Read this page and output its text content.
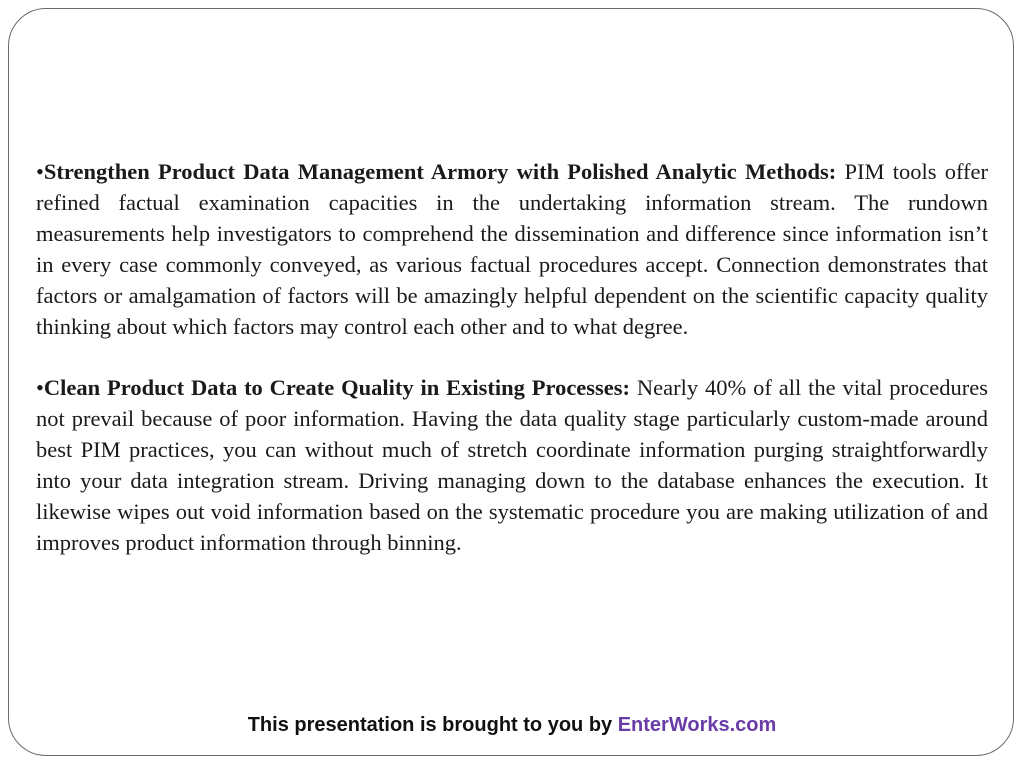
•Strengthen Product Data Management Armory with Polished Analytic Methods: PIM tools offer refined factual examination capacities in the undertaking information stream. The rundown measurements help investigators to comprehend the dissemination and difference since information isn’t in every case commonly conveyed, as various factual procedures accept. Connection demonstrates that factors or amalgamation of factors will be amazingly helpful dependent on the scientific capacity quality thinking about which factors may control each other and to what degree.

•Clean Product Data to Create Quality in Existing Processes: Nearly 40% of all the vital procedures not prevail because of poor information. Having the data quality stage particularly custom-made around best PIM practices, you can without much of stretch coordinate information purging straightforwardly into your data integration stream. Driving managing down to the database enhances the execution. It likewise wipes out void information based on the systematic procedure you are making utilization of and improves product information through binning.

This presentation is brought to you by EnterWorks.com
